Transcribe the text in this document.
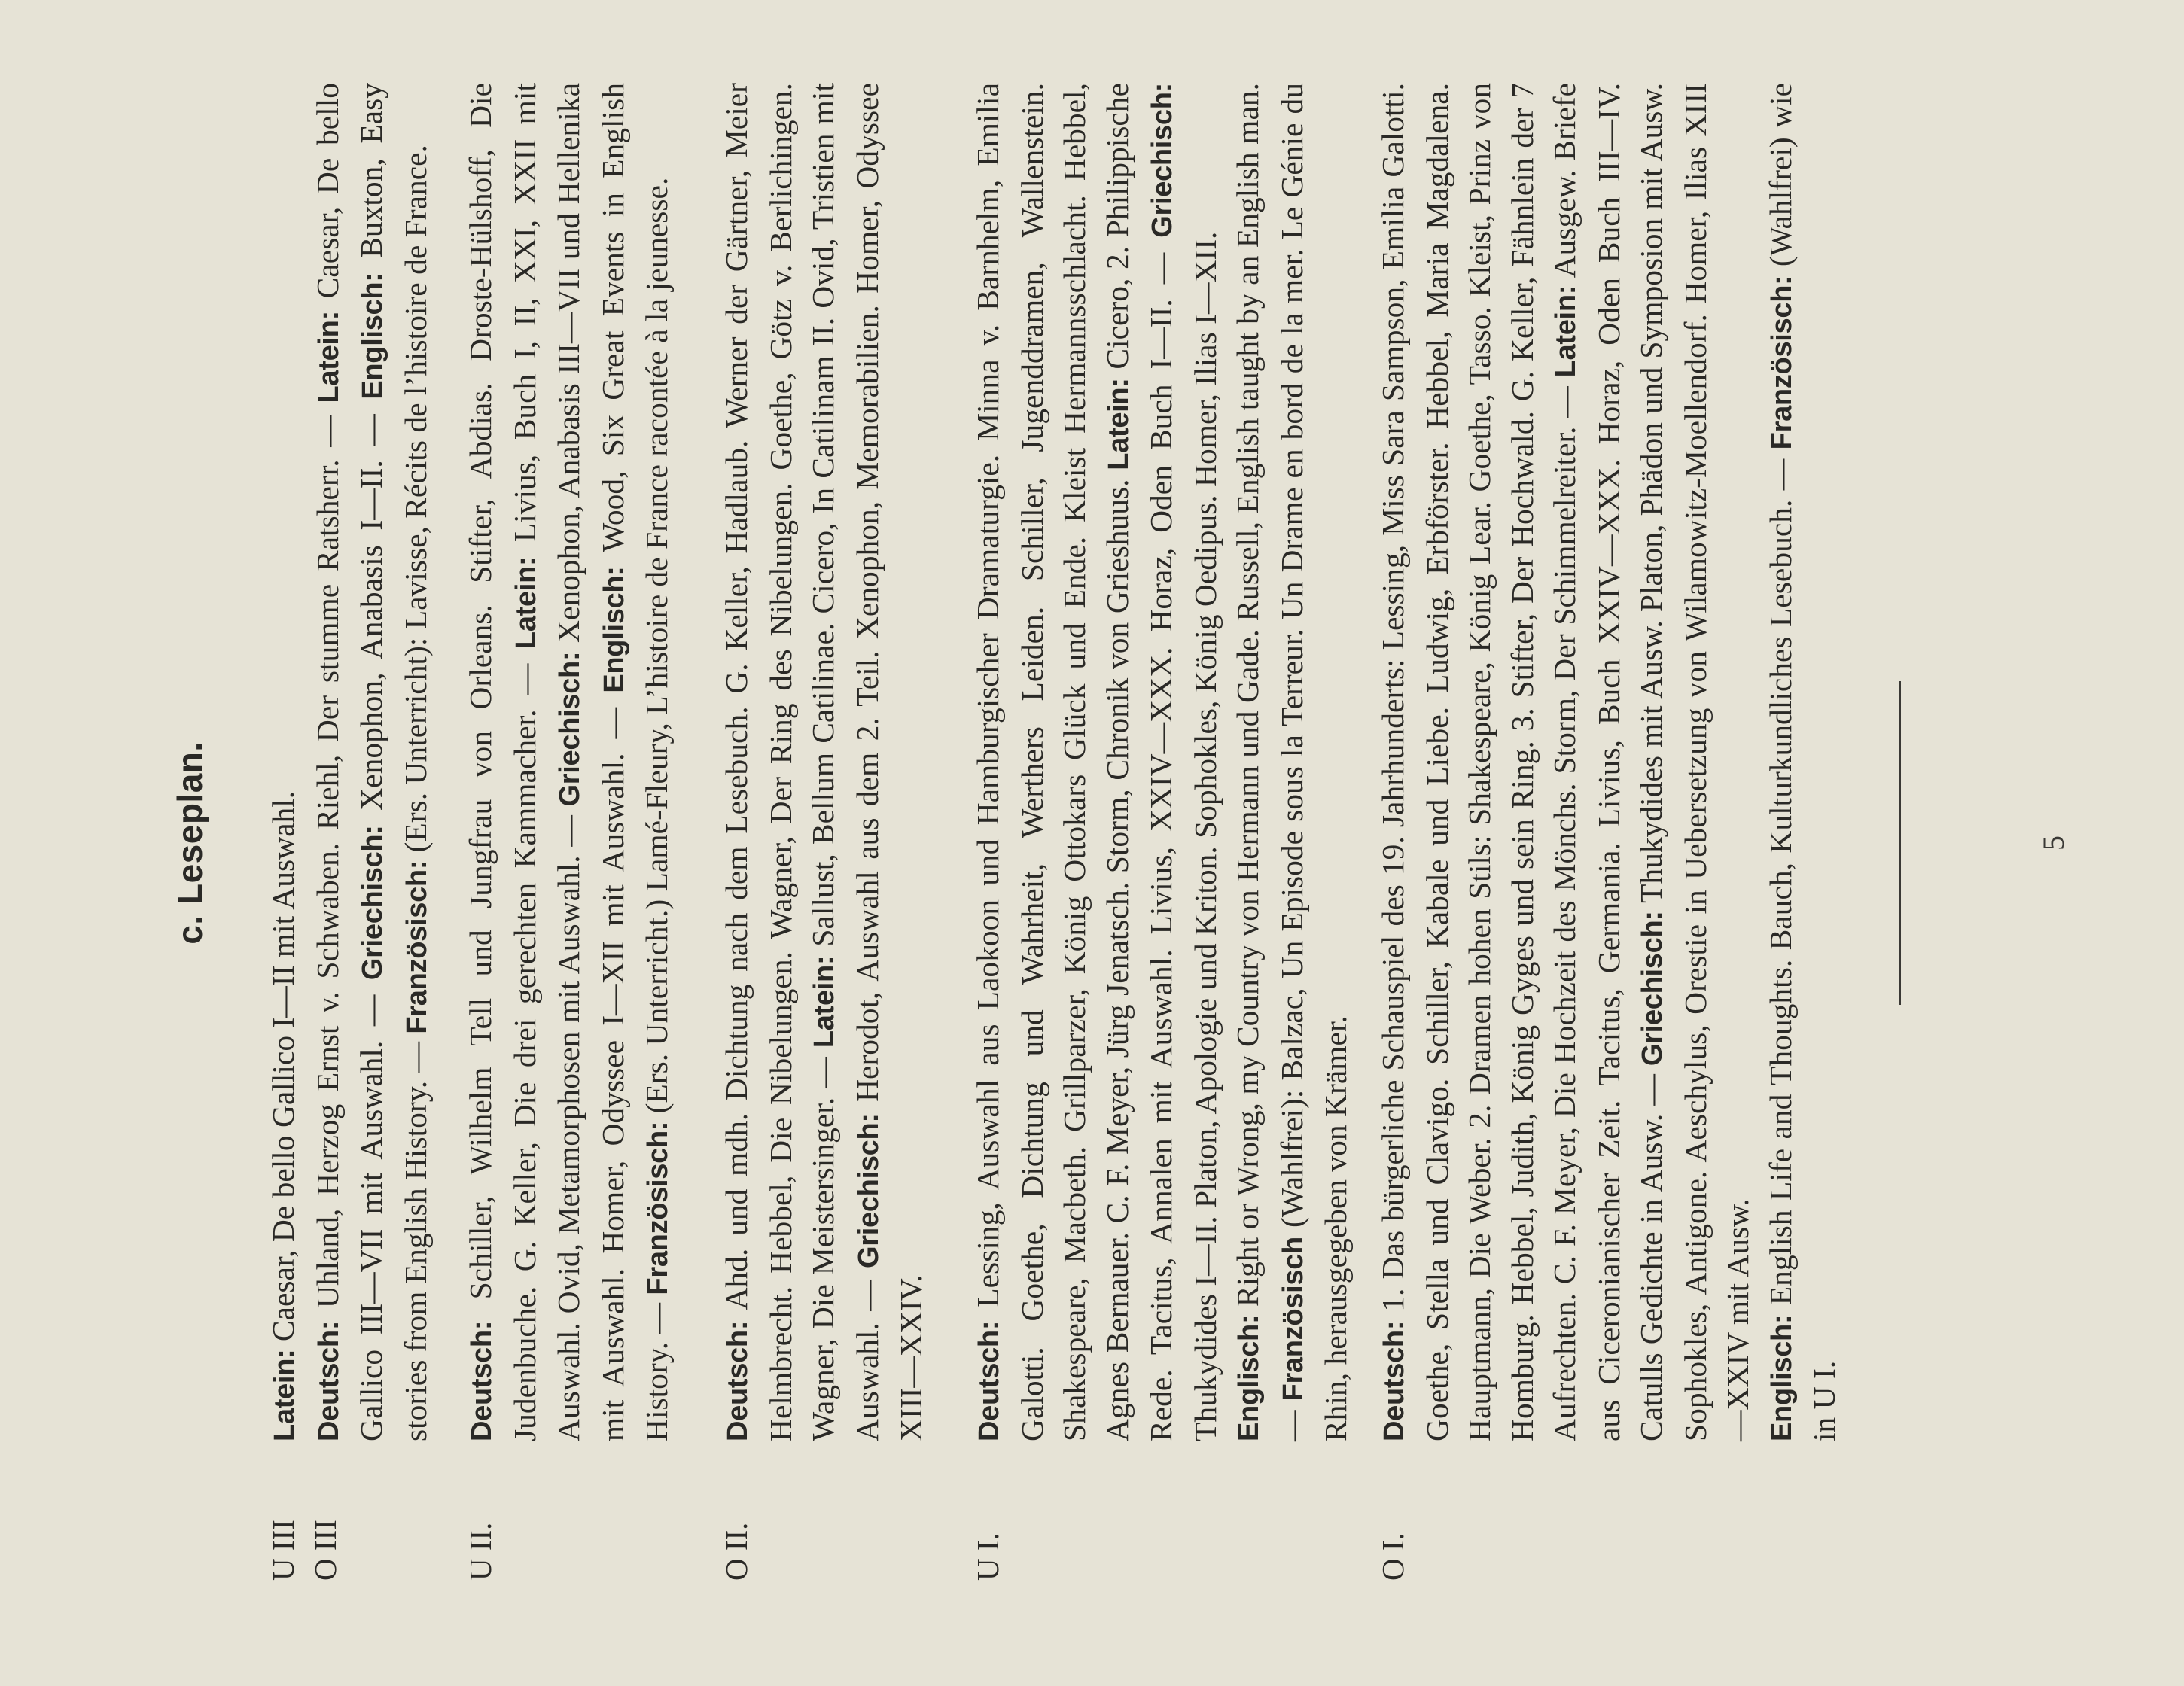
c. Leseplan.
U III
O III
Latein: Caesar, De bello Gallico I—II mit Auswahl.
Deutsch: Uhland, Herzog Ernst v. Schwaben. Riehl, Der stumme Ratsherr. — Latein: Caesar, De bello Gallico III—VII mit Auswahl. — Griechisch: Xenophon, Anabasis I—II. — Englisch: Buxton, Easy stories from English History. — Französisch: (Ers. Unterricht): Lavisse, Récits de l’histoire de France.
U II.
Deutsch: Schiller, Wilhelm Tell und Jungfrau von Orleans. Stifter, Abdias. Droste-Hülshoff, Die Judenbuche. G. Keller, Die drei gerechten Kammacher. — Latein: Livius, Buch I, II, XXI, XXII mit Auswahl. Ovid, Metamorphosen mit Auswahl. — Griechisch: Xenophon, Anabasis III—VII und Hellenika mit Auswahl. Homer, Odyssee I—XII mit Auswahl. — Englisch: Wood, Six Great Events in English History. — Französisch: (Ers. Unterricht.) Lamé-Fleury, L’histoire de France racontée à la jeunesse.
O II.
Deutsch: Ahd. und mdh. Dichtung nach dem Lesebuch. G. Keller, Hadlaub. Werner der Gärtner, Meier Helmbrecht. Hebbel, Die Nibelungen. Wagner, Der Ring des Nibelungen. Goethe, Götz v. Berlichingen. Wagner, Die Meistersinger. — Latein: Sallust, Bellum Catilinae. Cicero, In Catilinam II. Ovid, Tristien mit Auswahl. — Griechisch: Herodot, Auswahl aus dem 2. Teil. Xenophon, Memorabilien. Homer, Odyssee XIII—XXIV.
U I.
Deutsch: Lessing, Auswahl aus Laokoon und Hamburgischer Dramaturgie. Minna v. Barnhelm, Emilia Galotti. Goethe, Dichtung und Wahrheit, Werthers Leiden. Schiller, Jugenddramen, Wallenstein. Shakespeare, Macbeth. Grillparzer, König Ottokars Glück und Ende. Kleist Hermannsschlacht. Hebbel, Agnes Bernauer. C. F. Meyer, Jürg Jenatsch. Storm, Chronik von Grieshuus. Latein: Cicero, 2. Philippische Rede. Tacitus, Annalen mit Auswahl. Livius, XXIV—XXX. Horaz, Oden Buch I—II. — Griechisch: Thukydides I—II. Platon, Apologie und Kriton. Sophokles, König Oedipus. Homer, Ilias I—XII. Englisch: Right or Wrong, my Country von Hermann und Gade. Russell, English taught by an English man. — Französisch (Wahlfrei): Balzac, Un Episode sous la Terreur. Un Drame en bord de la mer. Le Génie du Rhin, herausgegeben von Krämer.
O I.
Deutsch: 1. Das bürgerliche Schauspiel des 19. Jahrhunderts: Lessing, Miss Sara Sampson, Emilia Galotti. Goethe, Stella und Clavigo. Schiller, Kabale und Liebe. Ludwig, Erbförster. Hebbel, Maria Magdalena. Hauptmann, Die Weber. 2. Dramen hohen Stils: Shakespeare, König Lear. Goethe, Tasso. Kleist, Prinz von Homburg. Hebbel, Judith, König Gyges und sein Ring. 3. Stifter, Der Hochwald. G. Keller, Fähnlein der 7 Aufrechten. C. F. Meyer, Die Hochzeit des Mönchs. Storm, Der Schimmelreiter. — Latein: Ausgew. Briefe aus Ciceronianischer Zeit. Tacitus, Germania. Livius, Buch XXIV—XXX. Horaz, Oden Buch III—IV. Catulls Gedichte in Ausw. — Griechisch: Thukydides mit Ausw. Platon, Phädon und Symposion mit Ausw. Sophokles, Antigone. Aeschylus, Orestie in Uebersetzung von Wilamowitz-Moellendorf. Homer, Ilias XIII—XXIV mit Ausw. Englisch: English Life and Thoughts. Bauch, Kulturkundliches Lesebuch. — Französisch: (Wahlfrei) wie in U I.
5
